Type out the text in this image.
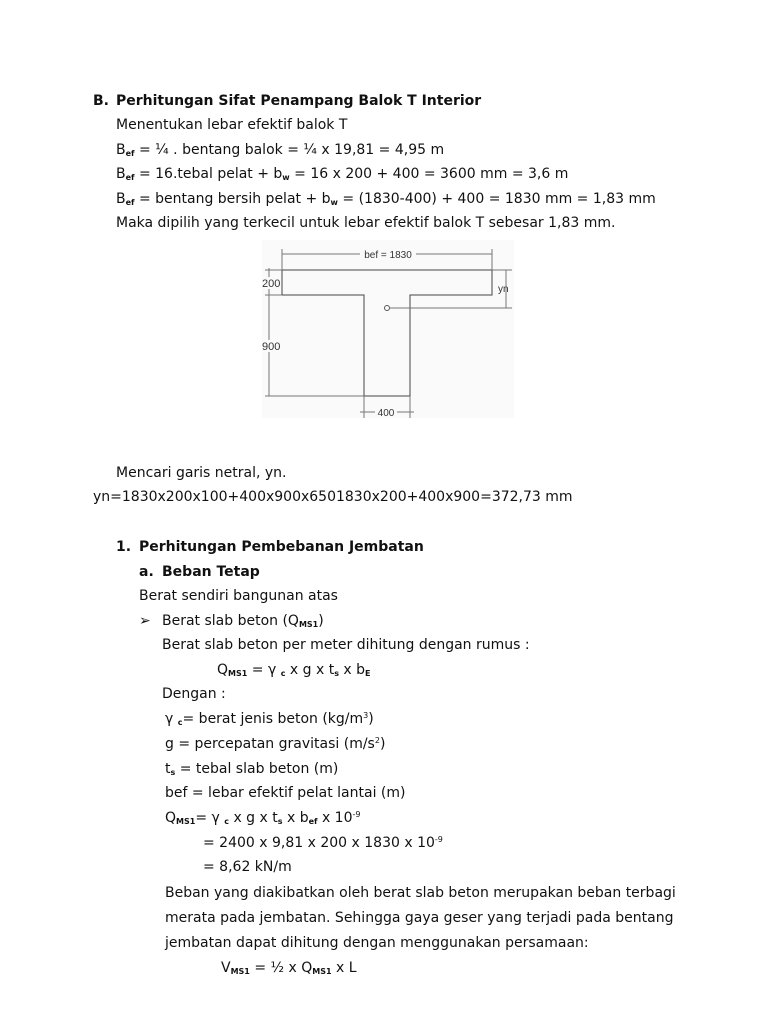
B. Perhitungan Sifat Penampang Balok T Interior
Menentukan lebar efektif balok T
$B_{ef}$ = ¼ . bentang balok = ¼ x 19,81 = 4,95 m
$B_{ef}$ = 16.tebal pelat + $b_w = 16$ x 200 + 400 = 3600 mm = 3,6 m
$B_{ef} = bentang$ bersih pelat + $b_w = (1830-400) + 400 = 1830$ mm = 1,83 mm
Maka dipilih yang terkecil untuk lebar efektif balok T sebesar 1,83 mm.
bef = 1830
200
900
yn
400
Mencari garis netral, yn.
yn=1830x200x100+400x900x6501830x200+400x900=372,73 mm
1. Perhitungan Pembebanan Jembatan
a. Beban Tetap
Berat sendiri bangunan atas
➢ Berat slab beton $(Q_{MS1})$
Berat slab beton per meter dihitung dengan rumus :
$Q_{MS1} = \gamma$ $_c$ x g x $t_s$ x $b_E$
Dengan :
γ $_c$= berat jenis beton $(kg/m^3)$
g = percepatan gravitasi $(m/s^2)$
$t_s$ = tebal slab beton (m)
bef = lebar efektif pelat lantai (m)
$Q_{MS1}= \gamma$ $_c$ x g x $t_s$ x $b_{ef}$ x $10^{-9}$
= 2400 x 9,81 x 200 x 1830 x $10^{-9}$
= 8,62 kN/m
Beban yang diakibatkan oleh berat slab beton merupakan beban terbagi
merata pada jembatan. Sehingga gaya geser yang terjadi pada bentang
jembatan dapat dihitung dengan menggunakan persamaan:
$V_{MS1}$ = ½ x $Q_{MS1}$ x L
